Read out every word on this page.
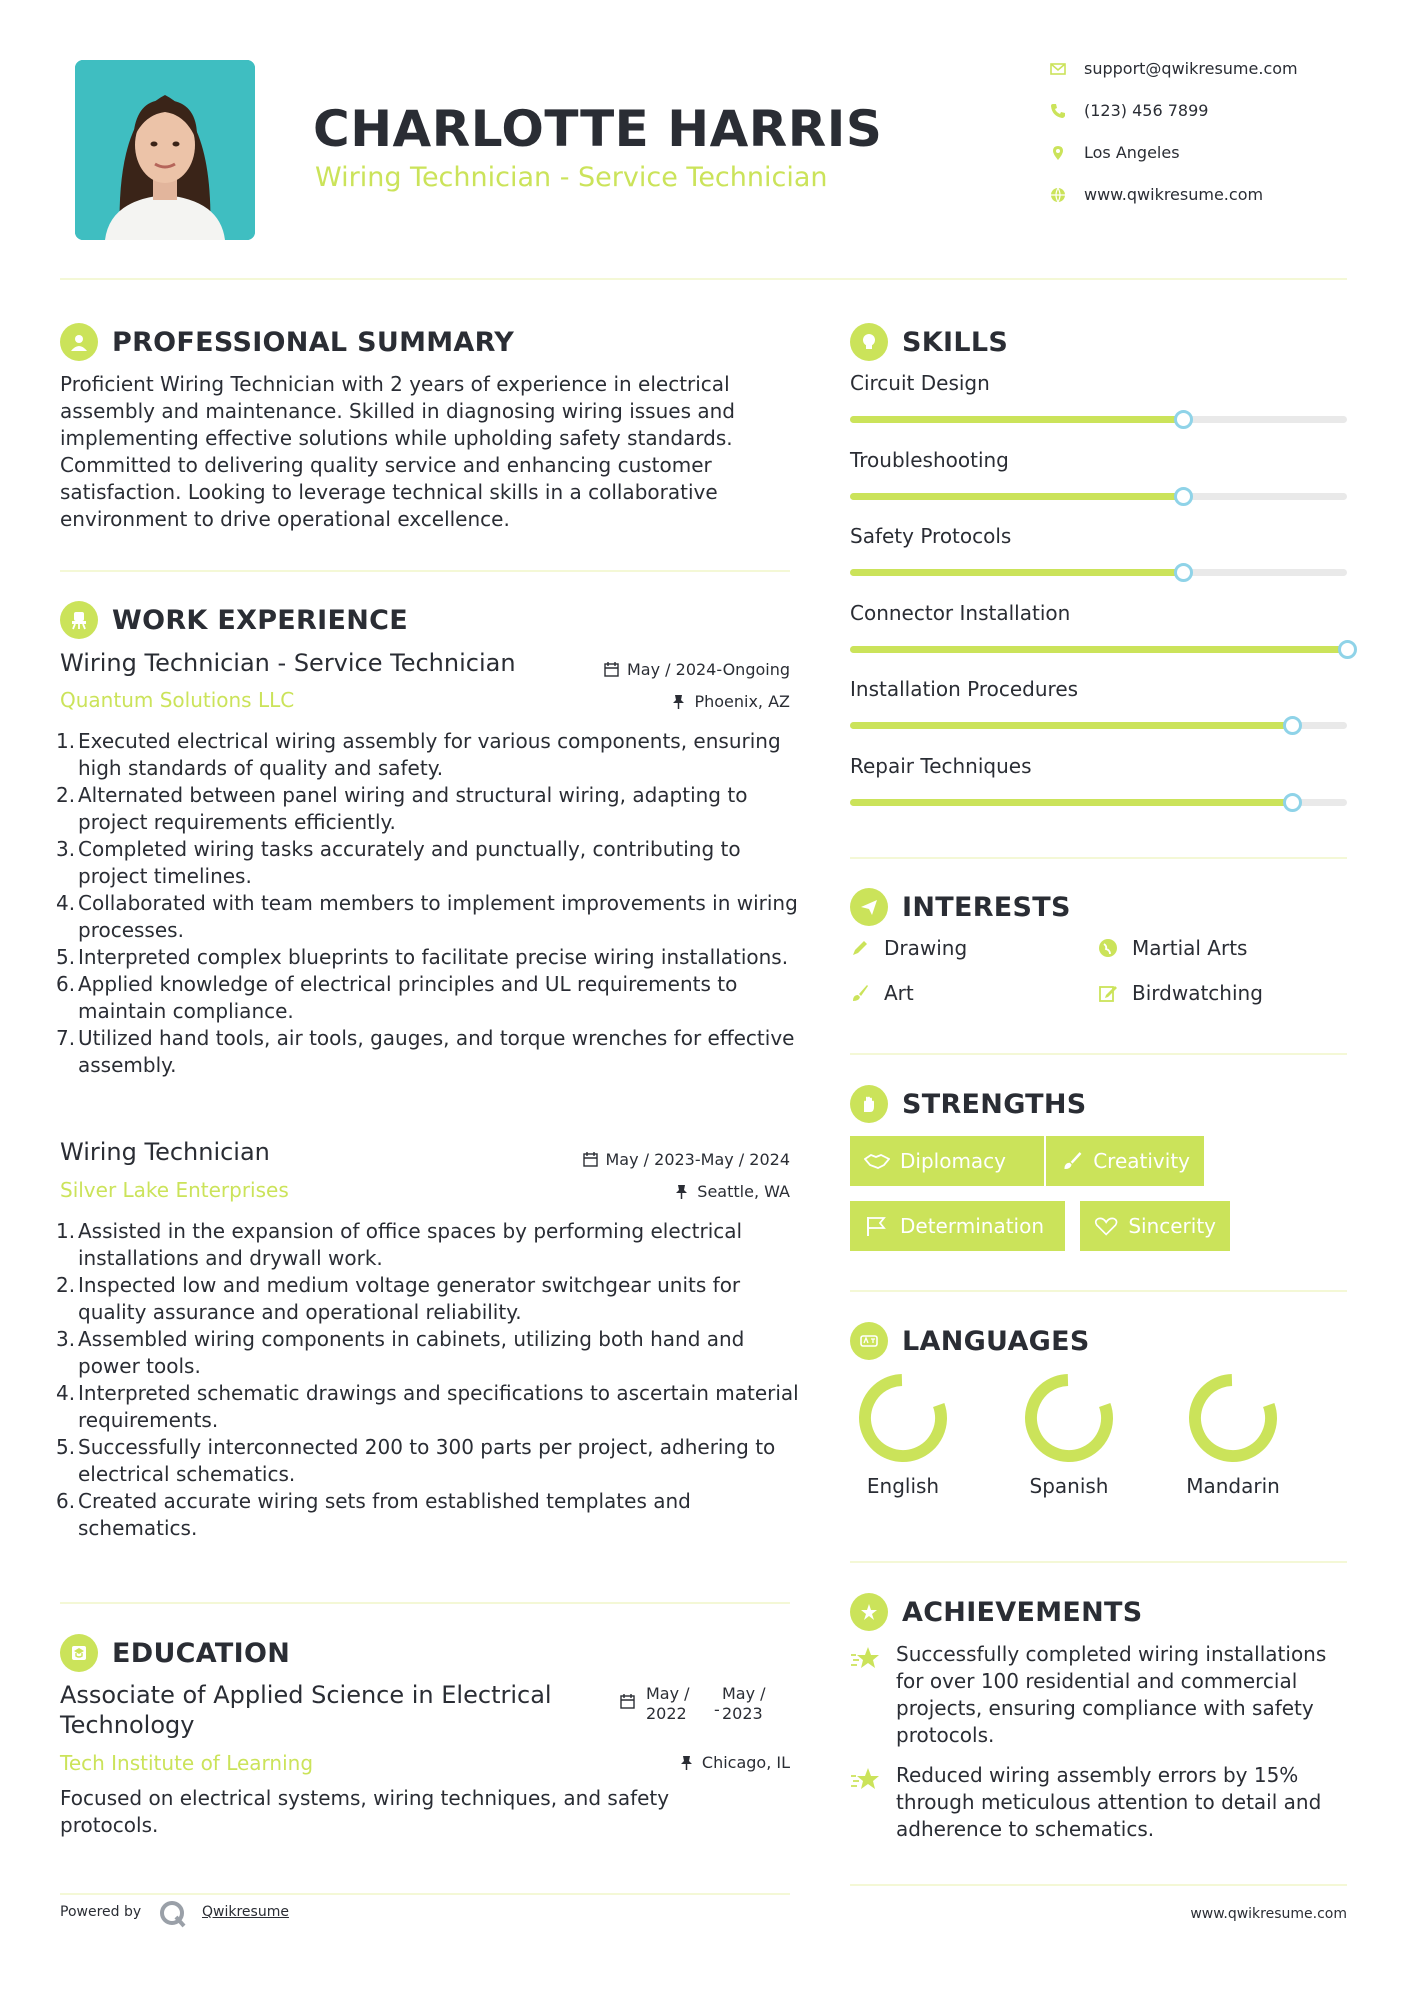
CHARLOTTE HARRIS
Wiring Technician - Service Technician
support@qwikresume.com
(123) 456 7899
Los Angeles
www.qwikresume.com
PROFESSIONAL SUMMARY
Proficient Wiring Technician with 2 years of experience in electrical assembly and maintenance. Skilled in diagnosing wiring issues and implementing effective solutions while upholding safety standards. Committed to delivering quality service and enhancing customer satisfaction. Looking to leverage technical skills in a collaborative environment to drive operational excellence.
WORK EXPERIENCE
Wiring Technician - Service Technician	May / 2024-Ongoing
Quantum Solutions LLC	Phoenix, AZ
1. Executed electrical wiring assembly for various components, ensuring high standards of quality and safety.
2. Alternated between panel wiring and structural wiring, adapting to project requirements efficiently.
3. Completed wiring tasks accurately and punctually, contributing to project timelines.
4. Collaborated with team members to implement improvements in wiring processes.
5. Interpreted complex blueprints to facilitate precise wiring installations.
6. Applied knowledge of electrical principles and UL requirements to maintain compliance.
7. Utilized hand tools, air tools, gauges, and torque wrenches for effective assembly.
Wiring Technician	May / 2023-May / 2024
Silver Lake Enterprises	Seattle, WA
1. Assisted in the expansion of office spaces by performing electrical installations and drywall work.
2. Inspected low and medium voltage generator switchgear units for quality assurance and operational reliability.
3. Assembled wiring components in cabinets, utilizing both hand and power tools.
4. Interpreted schematic drawings and specifications to ascertain material requirements.
5. Successfully interconnected 200 to 300 parts per project, adhering to electrical schematics.
6. Created accurate wiring sets from established templates and schematics.
EDUCATION
Associate of Applied Science in Electrical
Technology
May /
2022 -
May /
2023
Tech Institute of Learning	Chicago, IL
Focused on electrical systems, wiring techniques, and safety protocols.
SKILLS
Circuit Design
Troubleshooting
Safety Protocols
Connector Installation
Installation Procedures
Repair Techniques
INTERESTS
Drawing	Martial Arts
Art	Birdwatching
STRENGTHS
Diplomacy	Creativity
Determination	Sincerity
LANGUAGES
English	Spanish	Mandarin
ACHIEVEMENTS
Successfully completed wiring installations for over 100 residential and commercial projects, ensuring compliance with safety protocols.
Reduced wiring assembly errors by 15% through meticulous attention to detail and adherence to schematics.
Powered by	Qwikresume	www.qwikresume.com
